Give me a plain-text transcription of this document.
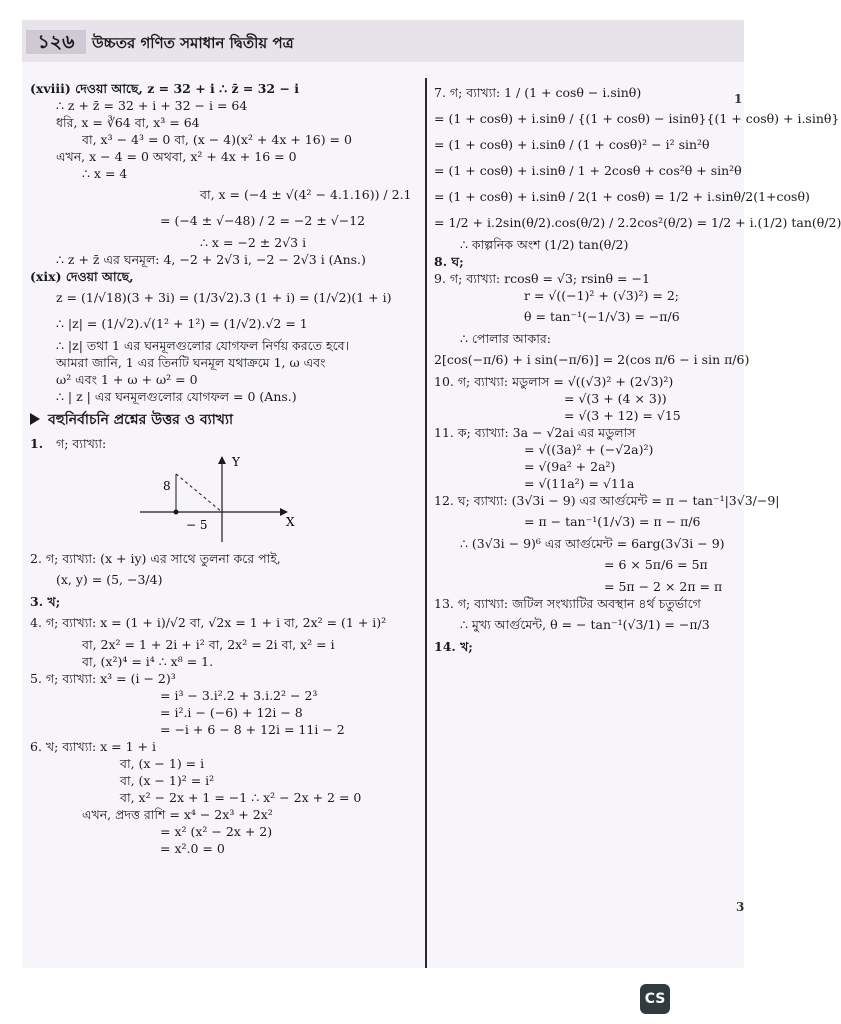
১২৬	উচ্চতর গণিত সমাধান দ্বিতীয় পত্র
(xviii) দেওয়া আছে, z = 32 + i ∴ z̄ = 32 − i
∴ z + z̄ = 32 + i + 32 − i = 64
ধরি, x = ∛64 বা, x³ = 64
বা, x³ − 4³ = 0 বা, (x − 4)(x² + 4x + 16) = 0
এখন, x − 4 = 0 অথবা, x² + 4x + 16 = 0
∴ x = 4
বা, x = (−4 ± √(4² − 4.1.16)) / 2.1
= (−4 ± √−48) / 2 = −2 ± √−12
∴ x = −2 ± 2√3 i
∴ z + z̄ এর ঘনমূল: 4, −2 + 2√3 i, −2 − 2√3 i (Ans.)
(xix) দেওয়া আছে,
z = (1/√18)(3 + 3i) = (1/3√2).3 (1 + i) = (1/√2)(1 + i)
∴ |z| = (1/√2).√(1² + 1²) = (1/√2).√2 = 1
∴ |z| তথা 1 এর ঘনমূলগুলোর যোগফল নির্ণয় করতে হবে।
আমরা জানি, 1 এর তিনটি ঘনমূল যথাক্রমে 1, ω এবং
ω² এবং 1 + ω + ω² = 0
∴ | z | এর ঘনমূলগুলোর যোগফল = 0 (Ans.)
বহুনির্বাচনি প্রশ্নের উত্তর ও ব্যাখ্যা
1. গ; ব্যাখ্যা:
8
− 5
Y
X
2. গ; ব্যাখ্যা: (x + iy) এর সাথে তুলনা করে পাই,
(x, y) = (5, −3/4)
3. খ;
4. গ; ব্যাখ্যা: x = (1 + i)/√2 বা, √2x = 1 + i বা, 2x² = (1 + i)²
বা, 2x² = 1 + 2i + i² বা, 2x² = 2i বা, x² = i
বা, (x²)⁴ = i⁴ ∴ x⁸ = 1.
5. গ; ব্যাখ্যা: x³ = (i − 2)³
= i³ − 3.i².2 + 3.i.2² − 2³
= i².i − (−6) + 12i − 8
= −i + 6 − 8 + 12i = 11i − 2
6. খ; ব্যাখ্যা: x = 1 + i
বা, (x − 1) = i
বা, (x − 1)² = i²
বা, x² − 2x + 1 = −1 ∴ x² − 2x + 2 = 0
এখন, প্রদত্ত রাশি = x⁴ − 2x³ + 2x²
= x² (x² − 2x + 2)
= x².0 = 0
7. গ; ব্যাখ্যা: 1 / (1 + cosθ − i.sinθ)
= (1 + cosθ) + i.sinθ / {(1 + cosθ) − isinθ}{(1 + cosθ) + i.sinθ}
= (1 + cosθ) + i.sinθ / (1 + cosθ)² − i² sin²θ
= (1 + cosθ) + i.sinθ / 1 + 2cosθ + cos²θ + sin²θ
= (1 + cosθ) + i.sinθ / 2(1 + cosθ) = 1/2 + i.sinθ/2(1+cosθ)
= 1/2 + i.2sin(θ/2).cos(θ/2) / 2.2cos²(θ/2) = 1/2 + i.(1/2) tan(θ/2)
∴ কাল্পনিক অংশ (1/2) tan(θ/2)
8. ঘ;
9. গ; ব্যাখ্যা: rcosθ = √3; rsinθ = −1
r = √((−1)² + (√3)²) = 2;
θ = tan⁻¹(−1/√3) = −π/6
∴ পোলার আকার:
2[cos(−π/6) + i sin(−π/6)] = 2(cos π/6 − i sin π/6)
10. গ; ব্যাখ্যা: মডুলাস = √((√3)² + (2√3)²)
= √(3 + (4 × 3))
= √(3 + 12) = √15
11. ক; ব্যাখ্যা: 3a − √2ai এর মডুলাস
= √((3a)² + (−√2a)²)
= √(9a² + 2a²)
= √(11a²) = √11a
12. ঘ; ব্যাখ্যা: (3√3i − 9) এর আর্গুমেন্ট = π − tan⁻¹|3√3/−9|
= π − tan⁻¹(1/√3) = π − π/6
∴ (3√3i − 9)⁶ এর আর্গুমেন্ট = 6arg(3√3i − 9)
= 6 × 5π/6 = 5π
= 5π − 2 × 2π = π
13. গ; ব্যাখ্যা: জটিল সংখ্যাটির অবস্থান ৪র্থ চতুর্ভাগে
∴ মুখ্য আর্গুমেন্ট, θ = − tan⁻¹(√3/1) = −π/3
14. খ;
1
3
CS
